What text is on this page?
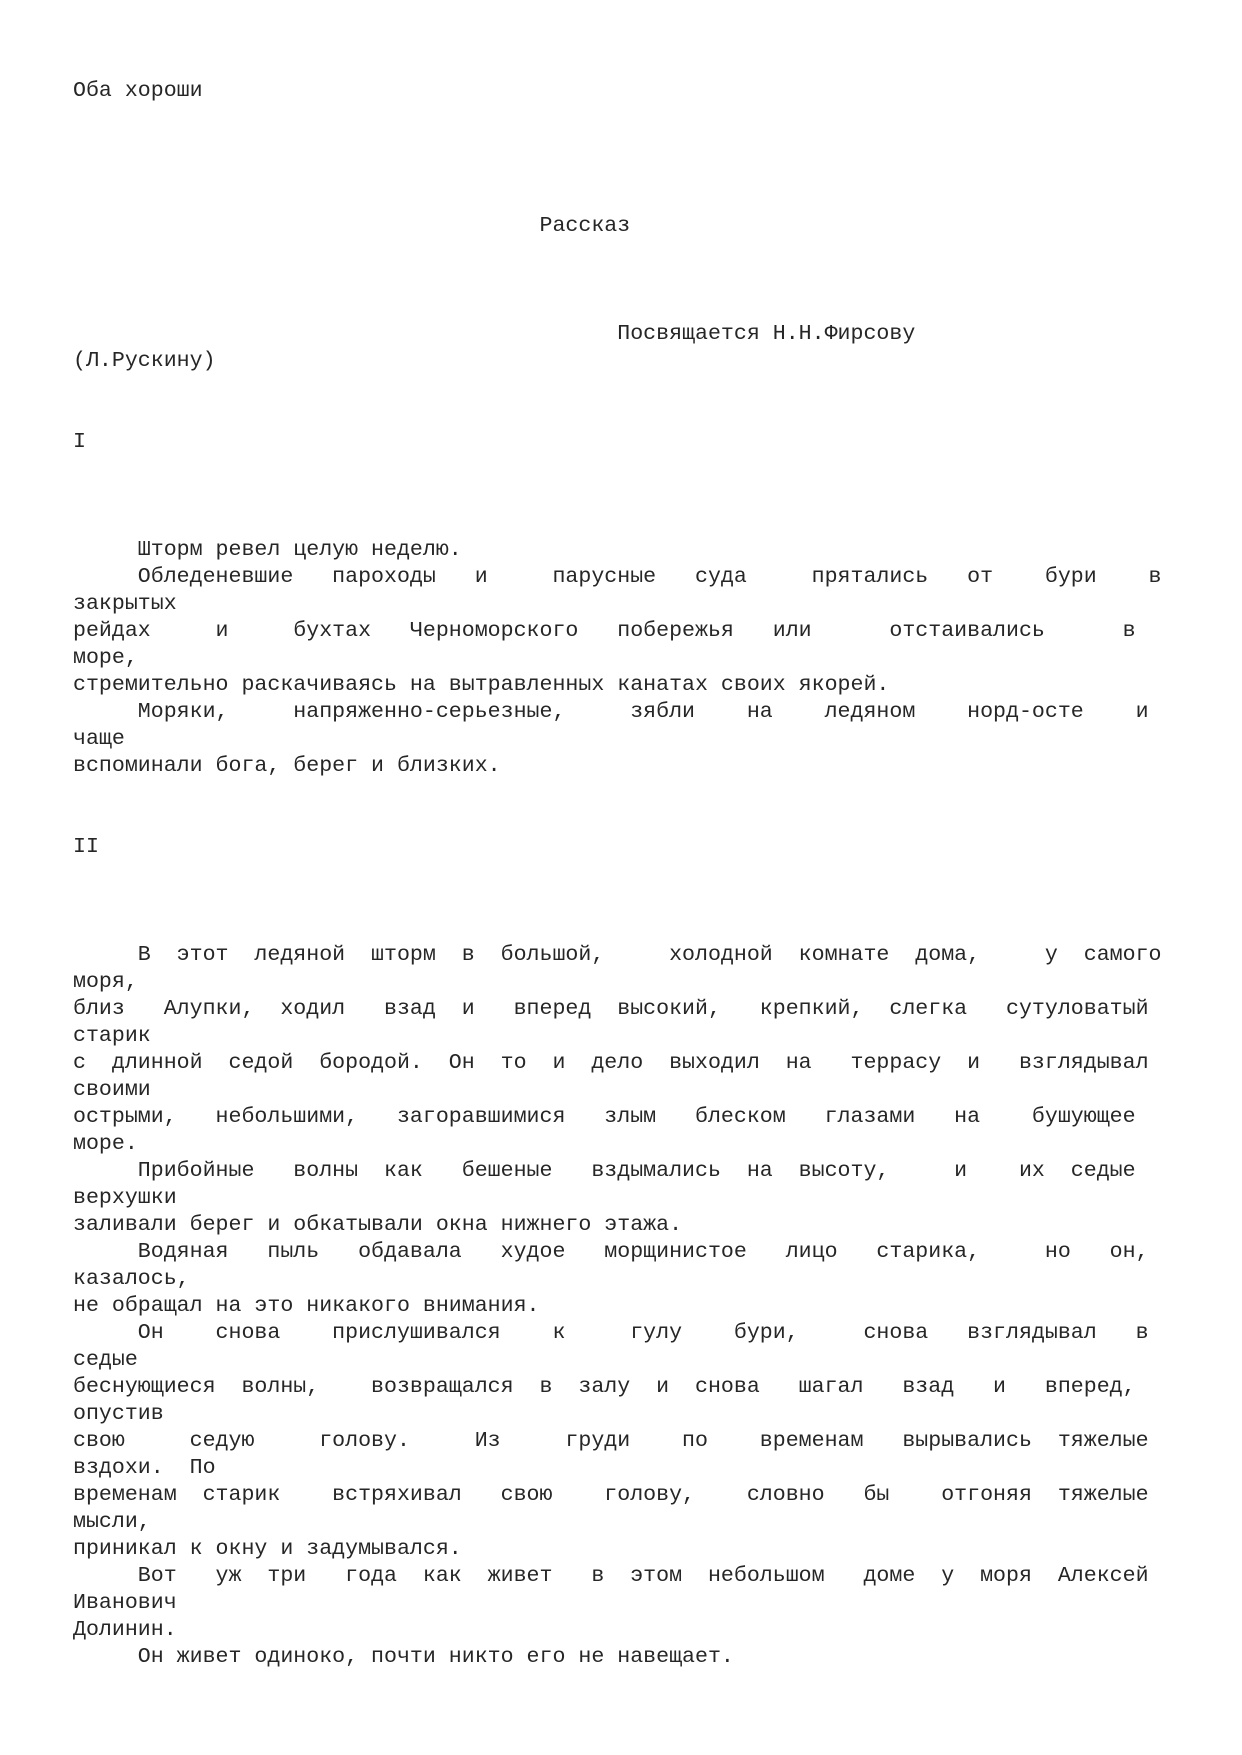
Оба хороши
Рассказ
Посвящается Н.Н.Фирсову
(Л.Рускину)
I
Шторм ревел целую неделю.
Обледеневшие   пароходы   и     парусные   суда     прятались   от    бури    в
закрытых
рейдах     и     бухтах   Черноморского   побережья   или      отстаивались      в
море,
стремительно раскачиваясь на вытравленных канатах своих якорей.
Моряки,     напряженно-серьезные,     зябли    на    ледяном    норд-осте    и
чаще
вспоминали бога, берег и близких.
II
В  этот  ледяной  шторм  в  большой,     холодной  комнате  дома,     у  самого
моря,
близ   Алупки,  ходил   взад  и   вперед  высокий,   крепкий,  слегка   сутуловатый
старик
с  длинной  седой  бородой.  Он  то  и  дело  выходил  на   террасу  и   взглядывал
своими
острыми,   небольшими,   загоравшимися   злым   блеском   глазами   на    бушующее
море.
Прибойные   волны  как   бешеные   вздымались  на  высоту,     и    их  седые
верхушки
заливали берег и обкатывали окна нижнего этажа.
Водяная   пыль   обдавала   худое   морщинистое   лицо   старика,     но   он,
казалось,
не обращал на это никакого внимания.
Он    снова    прислушивался    к     гулу    бури,     снова   взглядывал   в
седые
беснующиеся  волны,    возвращался  в  залу  и  снова   шагал   взад   и   вперед,
опустив
свою     седую     голову.     Из     груди    по    временам   вырывались  тяжелые
вздохи.  По
временам  старик    встряхивал   свою    голову,    словно   бы    отгоняя  тяжелые
мысли,
приникал к окну и задумывался.
Вот   уж  три   года  как  живет   в  этом  небольшом   доме  у  моря  Алексей
Иванович
Долинин.
Он живет одиноко, почти никто его не навещает.
